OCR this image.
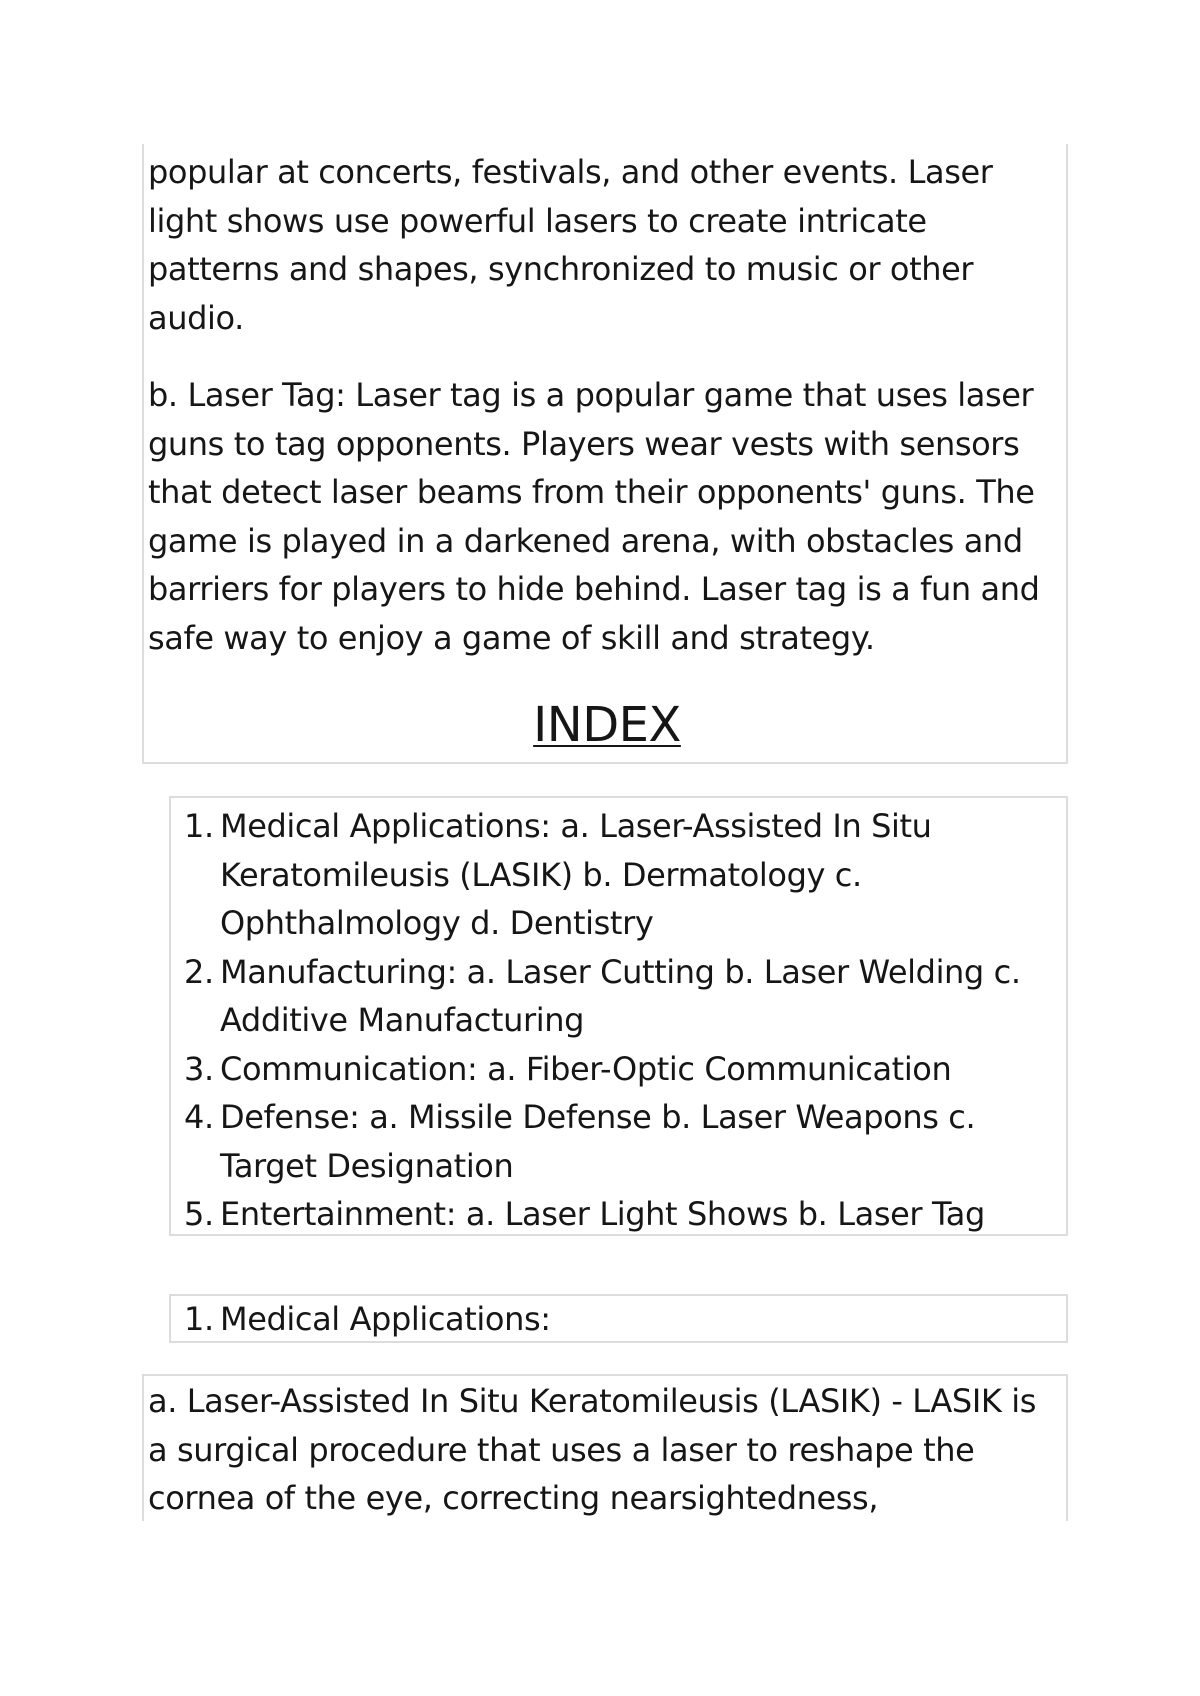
popular at concerts, festivals, and other events. Laser light shows use powerful lasers to create intricate patterns and shapes, synchronized to music or other audio.

b. Laser Tag: Laser tag is a popular game that uses laser guns to tag opponents. Players wear vests with sensors that detect laser beams from their opponents' guns. The game is played in a darkened arena, with obstacles and barriers for players to hide behind. Laser tag is a fun and safe way to enjoy a game of skill and strategy.

INDEX
1. Medical Applications: a. Laser-Assisted In Situ Keratomileusis (LASIK) b. Dermatology c. Ophthalmology d. Dentistry
2. Manufacturing: a. Laser Cutting b. Laser Welding c. Additive Manufacturing
3. Communication: a. Fiber-Optic Communication
4. Defense: a. Missile Defense b. Laser Weapons c. Target Designation
5. Entertainment: a. Laser Light Shows b. Laser Tag
1. Medical Applications:

a. Laser-Assisted In Situ Keratomileusis (LASIK) - LASIK is a surgical procedure that uses a laser to reshape the cornea of the eye, correcting nearsightedness,
